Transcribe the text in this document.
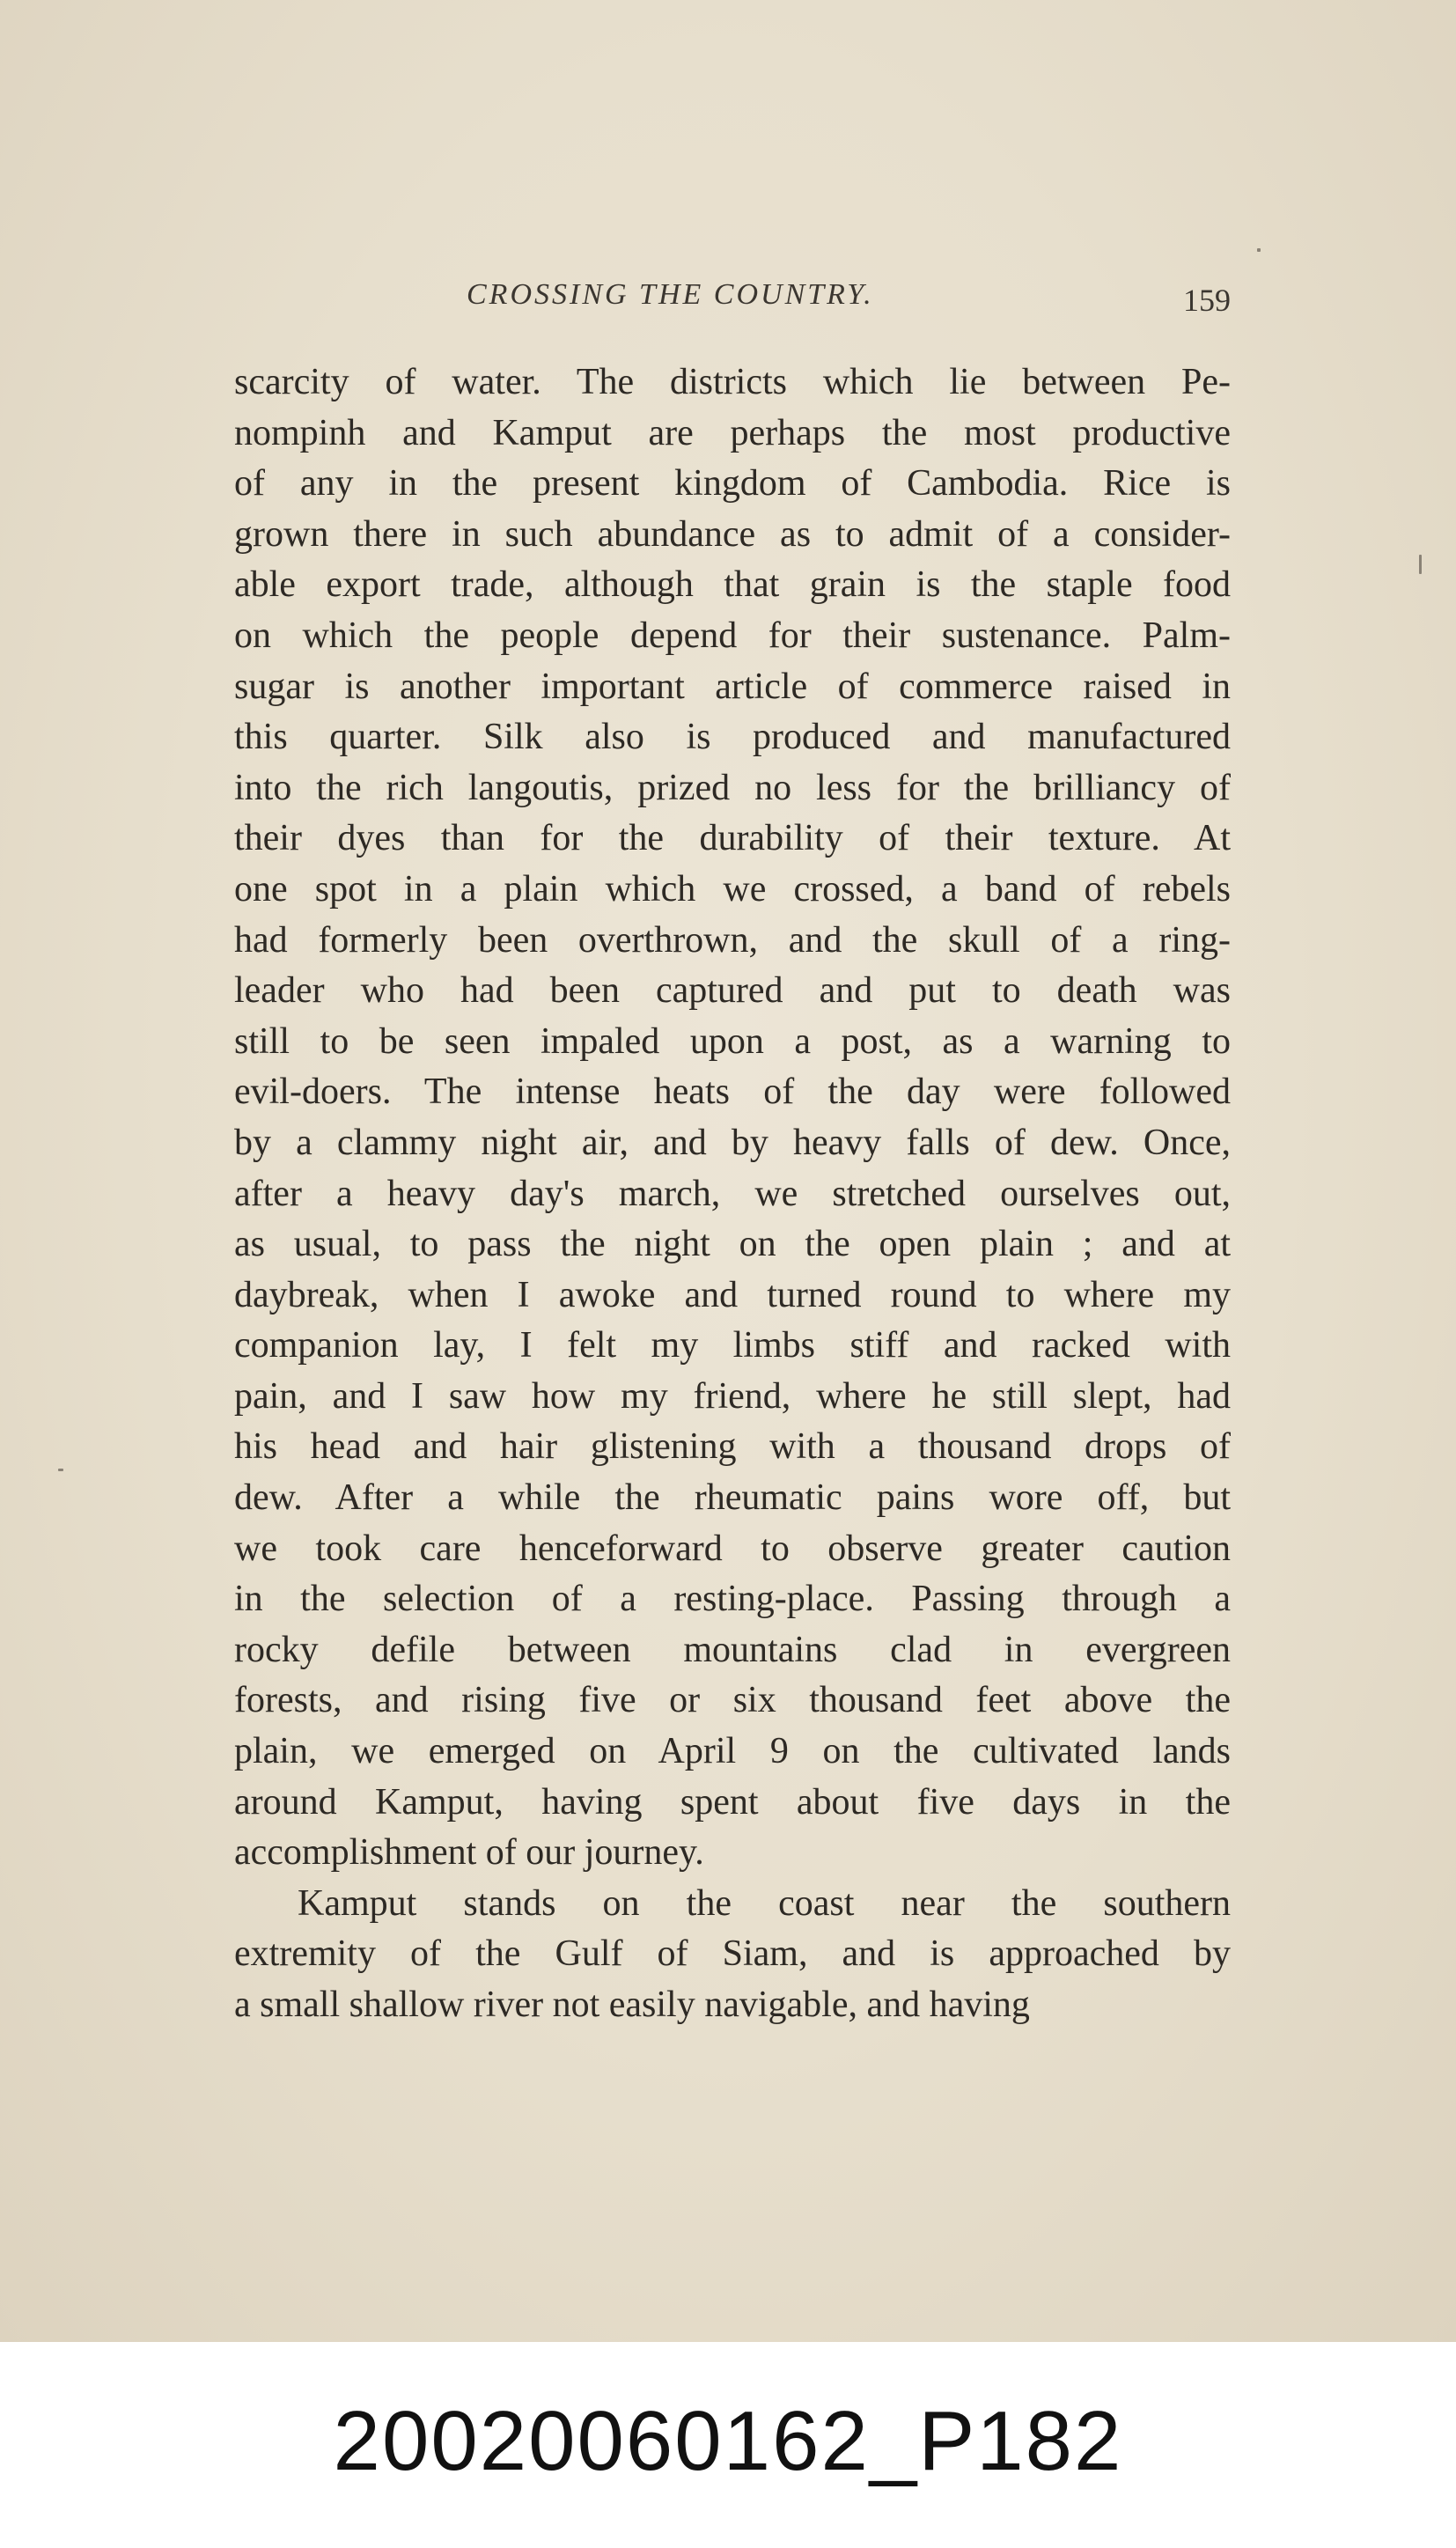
CROSSING THE COUNTRY.	159
scarcity of water. The districts which lie between Pe-
nompinh and Kamput are perhaps the most productive
of any in the present kingdom of Cambodia. Rice is
grown there in such abundance as to admit of a consider-
able export trade, although that grain is the staple food
on which the people depend for their sustenance. Palm-
sugar is another important article of commerce raised in
this quarter. Silk also is produced and manufactured
into the rich langoutis, prized no less for the brilliancy of
their dyes than for the durability of their texture. At
one spot in a plain which we crossed, a band of rebels
had formerly been overthrown, and the skull of a ring-
leader who had been captured and put to death was
still to be seen impaled upon a post, as a warning to
evil-doers. The intense heats of the day were followed
by a clammy night air, and by heavy falls of dew. Once,
after a heavy day's march, we stretched ourselves out,
as usual, to pass the night on the open plain ; and at
daybreak, when I awoke and turned round to where my
companion lay, I felt my limbs stiff and racked with
pain, and I saw how my friend, where he still slept, had
his head and hair glistening with a thousand drops of
dew. After a while the rheumatic pains wore off, but
we took care henceforward to observe greater caution
in the selection of a resting-place. Passing through a
rocky defile between mountains clad in evergreen
forests, and rising five or six thousand feet above the
plain, we emerged on April 9 on the cultivated lands
around Kamput, having spent about five days in the
accomplishment of our journey.
Kamput stands on the coast near the southern
extremity of the Gulf of Siam, and is approached by
a small shallow river not easily navigable, and having
20020060162_P182
